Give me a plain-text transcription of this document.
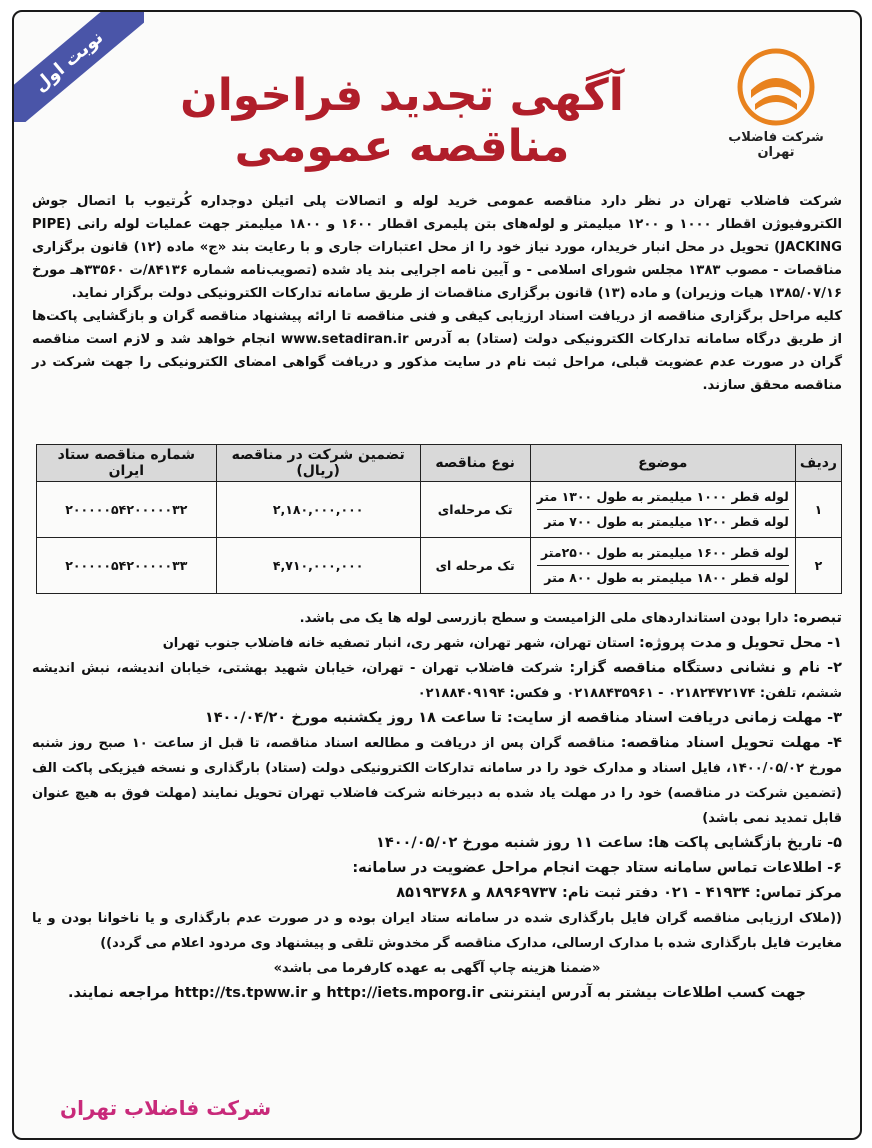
نوبت اول
شرکت فاضلاب تهران
آگهی تجدید فراخوان مناقصه عمومی

شرکت فاضلاب تهران در نظر دارد مناقصه عمومی خرید لوله و اتصالات پلی اتیلن دوجداره کُرتیوب با اتصال جوش الکتروفیوژن اقطار ۱۰۰۰ و ۱۲۰۰ میلیمتر و لوله‌های بتن پلیمری اقطار ۱۶۰۰ و ۱۸۰۰ میلیمتر جهت عملیات لوله رانی (PIPE JACKING) تحویل در محل انبار خریدار، مورد نیاز خود را از محل اعتبارات جاری و با رعایت بند «ج» ماده (۱۲) قانون برگزاری مناقصات - مصوب ۱۳۸۳ مجلس شورای اسلامی - و آیین نامه اجرایی بند یاد شده (تصویب‌نامه شماره ۸۴۱۳۶/ت ۳۳۵۶۰هـ مورخ ۱۳۸۵/۰۷/۱۶ هیات وزیران) و ماده (۱۳) قانون برگزاری مناقصات از طریق سامانه تدارکات الکترونیکی دولت برگزار نماید.

کلیه مراحل برگزاری مناقصه از دریافت اسناد ارزیابی کیفی و فنی مناقصه تا ارائه پیشنهاد مناقصه گران و بازگشایی پاکت‌ها از طریق درگاه سامانه تدارکات الکترونیکی دولت (ستاد) به آدرس www.setadiran.ir انجام خواهد شد و لازم است مناقصه گران در صورت عدم عضویت قبلی، مراحل ثبت نام در سایت مذکور و دریافت گواهی امضای الکترونیکی را جهت شرکت در مناقصه محقق سازند.

ردیف	موضوع	نوع مناقصه	تضمین شرکت در مناقصه (ریال)	شماره مناقصه ستاد ایران
۱	لوله قطر ۱۰۰۰ میلیمتر به طول ۱۳۰۰ متر
لوله قطر ۱۲۰۰ میلیمتر به طول ۷۰۰ متر	تک مرحله‌ای	۲,۱۸۰,۰۰۰,۰۰۰	۲۰۰۰۰۰۵۴۲۰۰۰۰۰۳۲
۲	لوله قطر ۱۶۰۰ میلیمتر به طول ۲۵۰۰متر
لوله قطر ۱۸۰۰ میلیمتر به طول ۸۰۰ متر	تک مرحله ای	۴,۷۱۰,۰۰۰,۰۰۰	۲۰۰۰۰۰۵۴۲۰۰۰۰۰۳۳
تبصره: دارا بودن استانداردهای ملی الزامیست و سطح بازرسی لوله ها یک می باشد.
۱- محل تحویل و مدت پروژه: استان تهران، شهر تهران، شهر ری، انبار تصفیه خانه فاضلاب جنوب تهران
۲- نام و نشانی دستگاه مناقصه گزار: شرکت فاضلاب تهران - تهران، خیابان شهید بهشتی، خیابان اندیشه، نبش اندیشه ششم، تلفن: ۰۲۱۸۲۴۷۲۱۷۴ - ۰۲۱۸۸۴۳۵۹۶۱ و فکس: ۰۲۱۸۸۴۰۹۱۹۴
۳- مهلت زمانی دریافت اسناد مناقصه از سایت: تا ساعت ۱۸ روز یکشنبه مورخ ۱۴۰۰/۰۴/۲۰
۴- مهلت تحویل اسناد مناقصه: مناقصه گران پس از دریافت و مطالعه اسناد مناقصه، تا قبل از ساعت ۱۰ صبح روز شنبه مورخ ۱۴۰۰/۰۵/۰۲، فایل اسناد و مدارک خود را در سامانه تدارکات الکترونیکی دولت (ستاد) بارگذاری و نسخه فیزیکی پاکت الف (تضمین شرکت در مناقصه) خود را در مهلت یاد شده به دبیرخانه شرکت فاضلاب تهران تحویل نمایند (مهلت فوق به هیچ عنوان قابل تمدید نمی باشد)
۵- تاریخ بازگشایی پاکت ها: ساعت ۱۱ روز شنبه مورخ ۱۴۰۰/۰۵/۰۲
۶- اطلاعات تماس سامانه ستاد جهت انجام مراحل عضویت در سامانه:
مرکز تماس: ۴۱۹۳۴ - ۰۲۱ دفتر ثبت نام: ۸۸۹۶۹۷۳۷ و ۸۵۱۹۳۷۶۸
((ملاک ارزیابی مناقصه گران فایل بارگذاری شده در سامانه ستاد ایران بوده و در صورت عدم بارگذاری و یا ناخوانا بودن و یا مغایرت فایل بارگذاری شده با مدارک ارسالی، مدارک مناقصه گر مخدوش تلقی و پیشنهاد وی مردود اعلام می گردد))
«ضمنا هزینه چاپ آگهی به عهده کارفرما می باشد»
جهت کسب اطلاعات بیشتر به آدرس اینترنتی http://iets.mporg.ir و http://ts.tpww.ir مراجعه نمایند.
شرکت فاضلاب تهران
